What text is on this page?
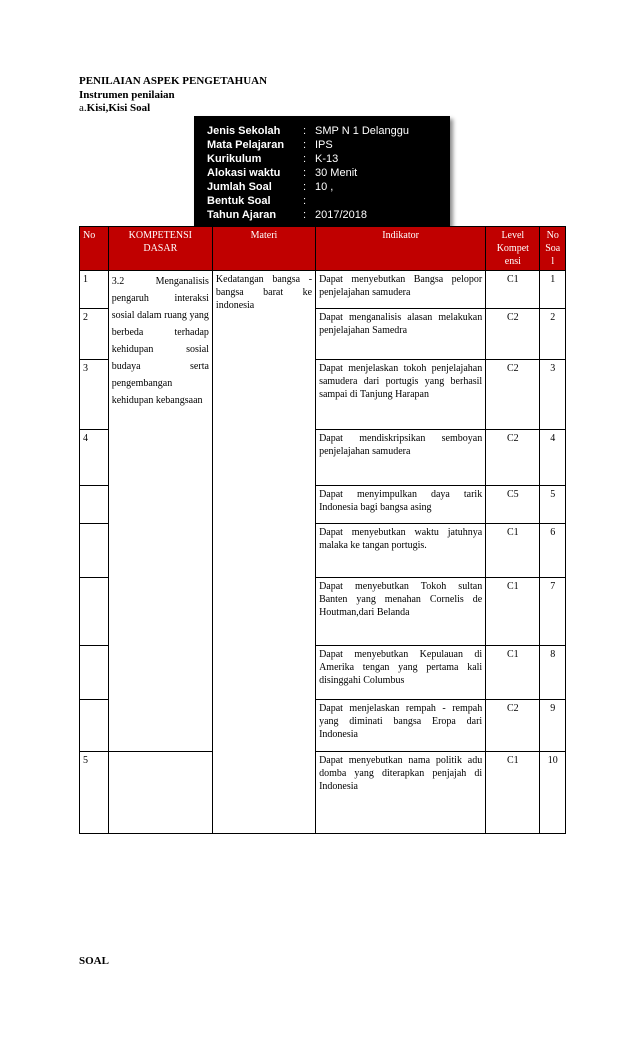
PENILAIAN ASPEK PENGETAHUAN
Instrumen penilaian
a.Kisi,Kisi Soal
Jenis Sekolah : SMP N 1 Delanggu
Mata Pelajaran : IPS
Kurikulum	: K-13
Alokasi waktu : 30 Menit
Jumlah Soal	: 10 ,
Bentuk Soal	:
Tahun Ajaran : 2017/2018
No	KOMPETENSI DASAR	Materi	Indikator	Level Kompet ensi	No Soa l
1	3.2 Menganalisis pengaruh interaksi sosial dalam ruang yang berbeda terhadap kehidupan sosial budaya serta pengembangan kehidupan kebangsaan	Kedatangan bangsa - bangsa barat ke indonesia	Dapat menyebutkan Bangsa pelopor penjelajahan samudera	C1	1
2			Dapat menganalisis alasan melakukan penjelajahan Samedra	C2	2
3			Dapat menjelaskan tokoh penjelajahan samudera dari portugis yang berhasil sampai di Tanjung Harapan	C2	3
4			Dapat mendiskripsikan semboyan penjelajahan samudera	C2	4
			Dapat menyimpulkan daya tarik Indonesia bagi bangsa asing	C5	5
			Dapat menyebutkan waktu jatuhnya malaka ke tangan portugis.	C1	6
			Dapat menyebutkan Tokoh sultan Banten yang menahan Cornelis de Houtman,dari Belanda	C1	7
			Dapat menyebutkan Kepulauan di Amerika tengan yang pertama kali disinggahi Columbus	C1	8
			Dapat menjelaskan rempah - rempah yang diminati bangsa Eropa dari Indonesia	C2	9
5			Dapat menyebutkan nama politik adu domba yang diterapkan penjajah di Indonesia	C1	10
SOAL
